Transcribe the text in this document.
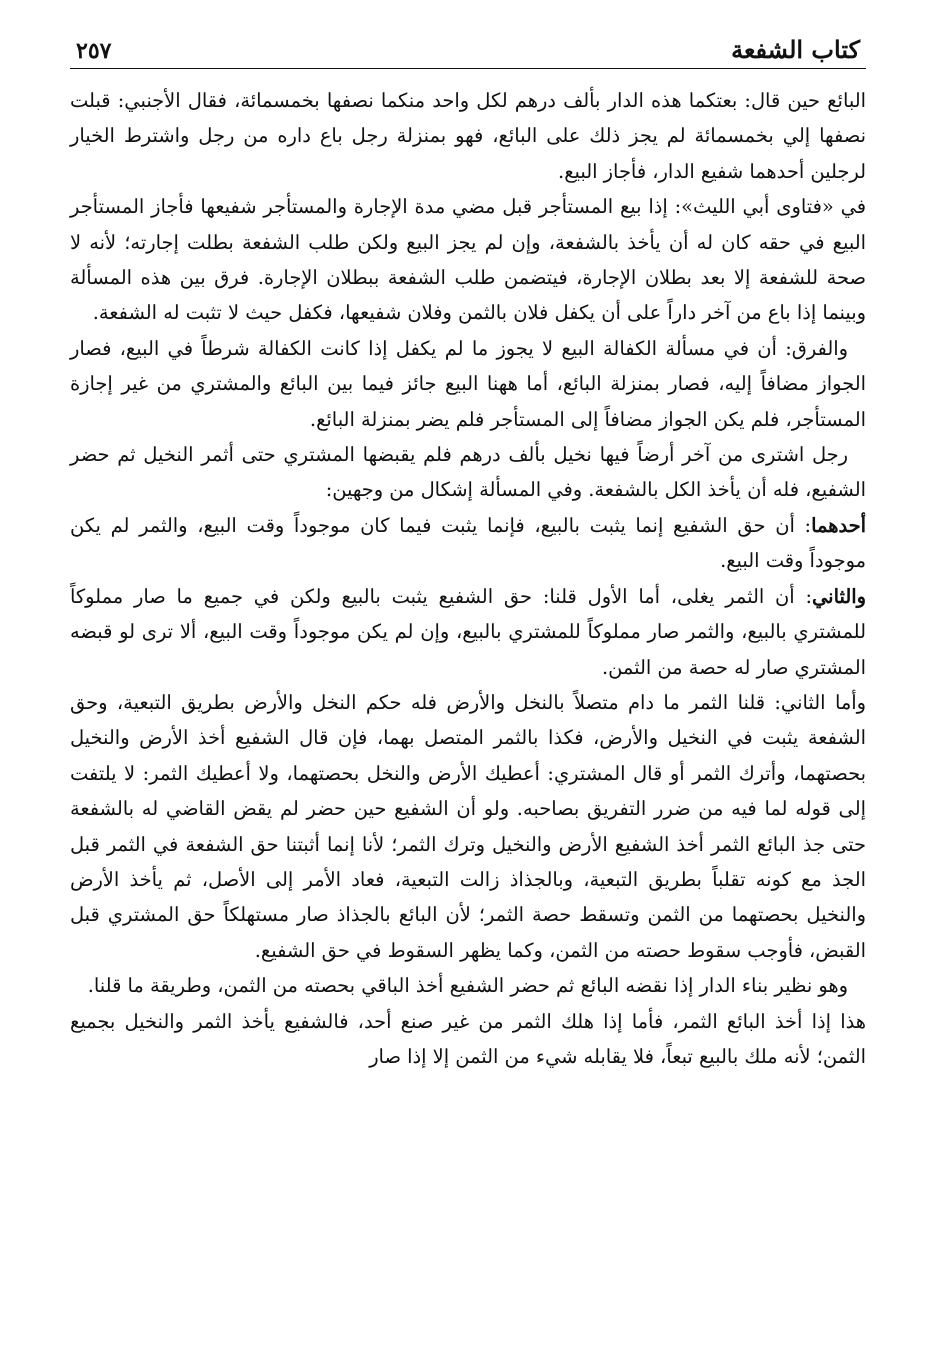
كتاب الشفعة
٢٥٧

البائع حين قال: بعتكما هذه الدار بألف درهم لكل واحد منكما نصفها بخمسمائة، فقال الأجنبي: قبلت نصفها إلي بخمسمائة لم يجز ذلك على البائع، فهو بمنزلة رجل باع داره من رجل واشترط الخيار لرجلين أحدهما شفيع الدار، فأجاز البيع.

في «فتاوى أبي الليث»: إذا بيع المستأجر قبل مضي مدة الإجارة والمستأجر شفيعها فأجاز المستأجر البيع في حقه كان له أن يأخذ بالشفعة، وإن لم يجز البيع ولكن طلب الشفعة بطلت إجارته؛ لأنه لا صحة للشفعة إلا بعد بطلان الإجارة، فيتضمن طلب الشفعة ببطلان الإجارة. فرق بين هذه المسألة وبينما إذا باع من آخر داراً على أن يكفل فلان بالثمن وفلان شفيعها، فكفل حيث لا تثبت له الشفعة.

والفرق: أن في مسألة الكفالة البيع لا يجوز ما لم يكفل إذا كانت الكفالة شرطاً في البيع، فصار الجواز مضافاً إليه، فصار بمنزلة البائع، أما ههنا البيع جائز فيما بين البائع والمشتري من غير إجازة المستأجر، فلم يكن الجواز مضافاً إلى المستأجر فلم يضر بمنزلة البائع.

رجل اشترى من آخر أرضاً فيها نخيل بألف درهم فلم يقبضها المشتري حتى أثمر النخيل ثم حضر الشفيع، فله أن يأخذ الكل بالشفعة. وفي المسألة إشكال من وجهين:

أحدهما: أن حق الشفيع إنما يثبت بالبيع، فإنما يثبت فيما كان موجوداً وقت البيع، والثمر لم يكن موجوداً وقت البيع.

والثاني: أن الثمر يغلى، أما الأول قلنا: حق الشفيع يثبت بالبيع ولكن في جميع ما صار مملوكاً للمشتري بالبيع، والثمر صار مملوكاً للمشتري بالبيع، وإن لم يكن موجوداً وقت البيع، ألا ترى لو قبضه المشتري صار له حصة من الثمن.

وأما الثاني: قلنا الثمر ما دام متصلاً بالنخل والأرض فله حكم النخل والأرض بطريق التبعية، وحق الشفعة يثبت في النخيل والأرض، فكذا بالثمر المتصل بهما، فإن قال الشفيع أخذ الأرض والنخيل بحصتهما، وأترك الثمر أو قال المشتري: أعطيك الأرض والنخل بحصتهما، ولا أعطيك الثمر: لا يلتفت إلى قوله لما فيه من ضرر التفريق بصاحبه. ولو أن الشفيع حين حضر لم يقض القاضي له بالشفعة حتى جذ البائع الثمر أخذ الشفيع الأرض والنخيل وترك الثمر؛ لأنا إنما أثبتنا حق الشفعة في الثمر قبل الجذ مع كونه تقلباً بطريق التبعية، وبالجذاذ زالت التبعية، فعاد الأمر إلى الأصل، ثم يأخذ الأرض والنخيل بحصتهما من الثمن وتسقط حصة الثمر؛ لأن البائع بالجذاذ صار مستهلكاً حق المشتري قبل القبض، فأوجب سقوط حصته من الثمن، وكما يظهر السقوط في حق الشفيع.

وهو نظير بناء الدار إذا نقضه البائع ثم حضر الشفيع أخذ الباقي بحصته من الثمن، وطريقة ما قلنا.

هذا إذا أخذ البائع الثمر، فأما إذا هلك الثمر من غير صنع أحد، فالشفيع يأخذ الثمر والنخيل بجميع الثمن؛ لأنه ملك بالبيع تبعاً، فلا يقابله شيء من الثمن إلا إذا صار
